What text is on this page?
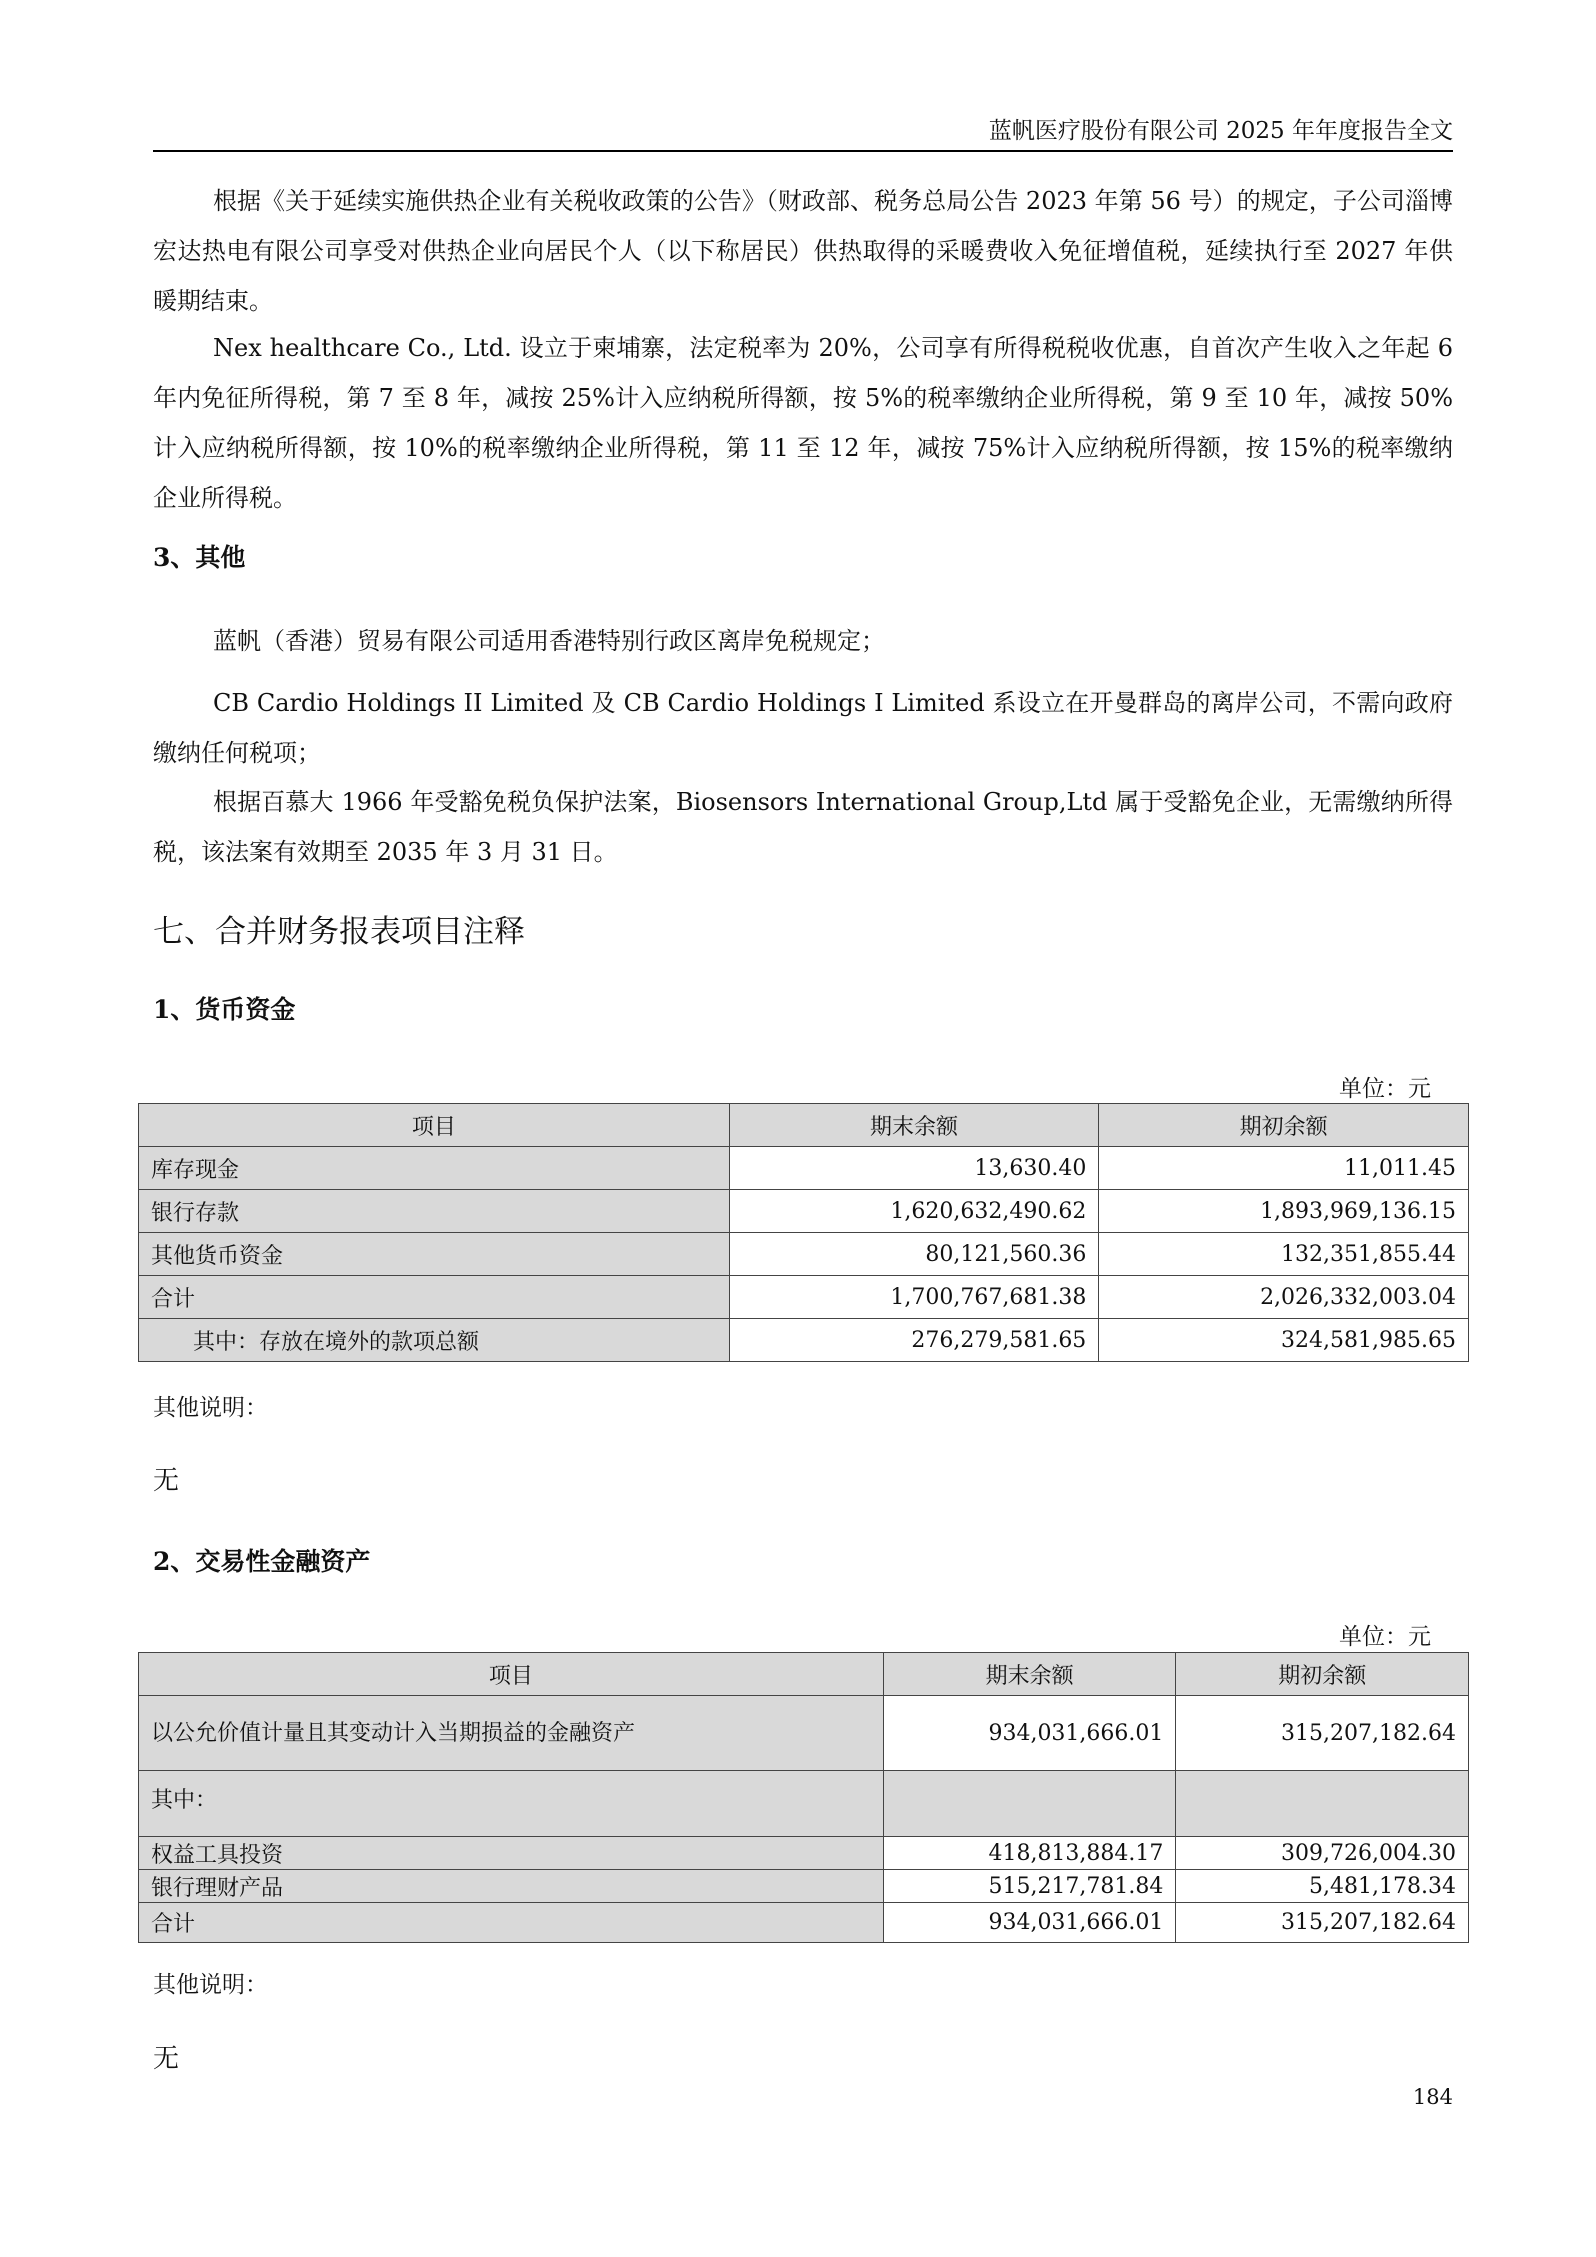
蓝帆医疗股份有限公司 2025 年年度报告全文

根据《关于延续实施供热企业有关税收政策的公告》（财政部、税务总局公告 2023 年第 56 号）的规定，子公司淄博宏达热电有限公司享受对供热企业向居民个人（以下称居民）供热取得的采暖费收入免征增值税，延续执行至 2027 年供暖期结束。

Nex healthcare Co., Ltd. 设立于柬埔寨，法定税率为 20%，公司享有所得税税收优惠，自首次产生收入之年起 6 年内免征所得税，第 7 至 8 年，减按 25%计入应纳税所得额，按 5%的税率缴纳企业所得税，第 9 至 10 年，减按 50%计入应纳税所得额，按 10%的税率缴纳企业所得税，第 11 至 12 年，减按 75%计入应纳税所得额，按 15%的税率缴纳企业所得税。

3、其他

蓝帆（香港）贸易有限公司适用香港特别行政区离岸免税规定；

CB Cardio Holdings II Limited 及 CB Cardio Holdings I Limited 系设立在开曼群岛的离岸公司，不需向政府缴纳任何税项；

根据百慕大 1966 年受豁免税负保护法案，Biosensors International Group,Ltd 属于受豁免企业，无需缴纳所得税，该法案有效期至 2035 年 3 月 31 日。

七、合并财务报表项目注释
1、货币资金
单位：元
项目	期末余额	期初余额
库存现金	13,630.40	11,011.45
银行存款	1,620,632,490.62	1,893,969,136.15
其他货币资金	80,121,560.36	132,351,855.44
合计	1,700,767,681.38	2,026,332,003.04
其中：存放在境外的款项总额	276,279,581.65	324,581,985.65
其他说明：
无
2、交易性金融资产
单位：元
项目	期末余额	期初余额
以公允价值计量且其变动计入当期损益的金融资产	934,031,666.01	315,207,182.64
其中：		
权益工具投资	418,813,884.17	309,726,004.30
银行理财产品	515,217,781.84	5,481,178.34
合计	934,031,666.01	315,207,182.64
其他说明：
无
184
